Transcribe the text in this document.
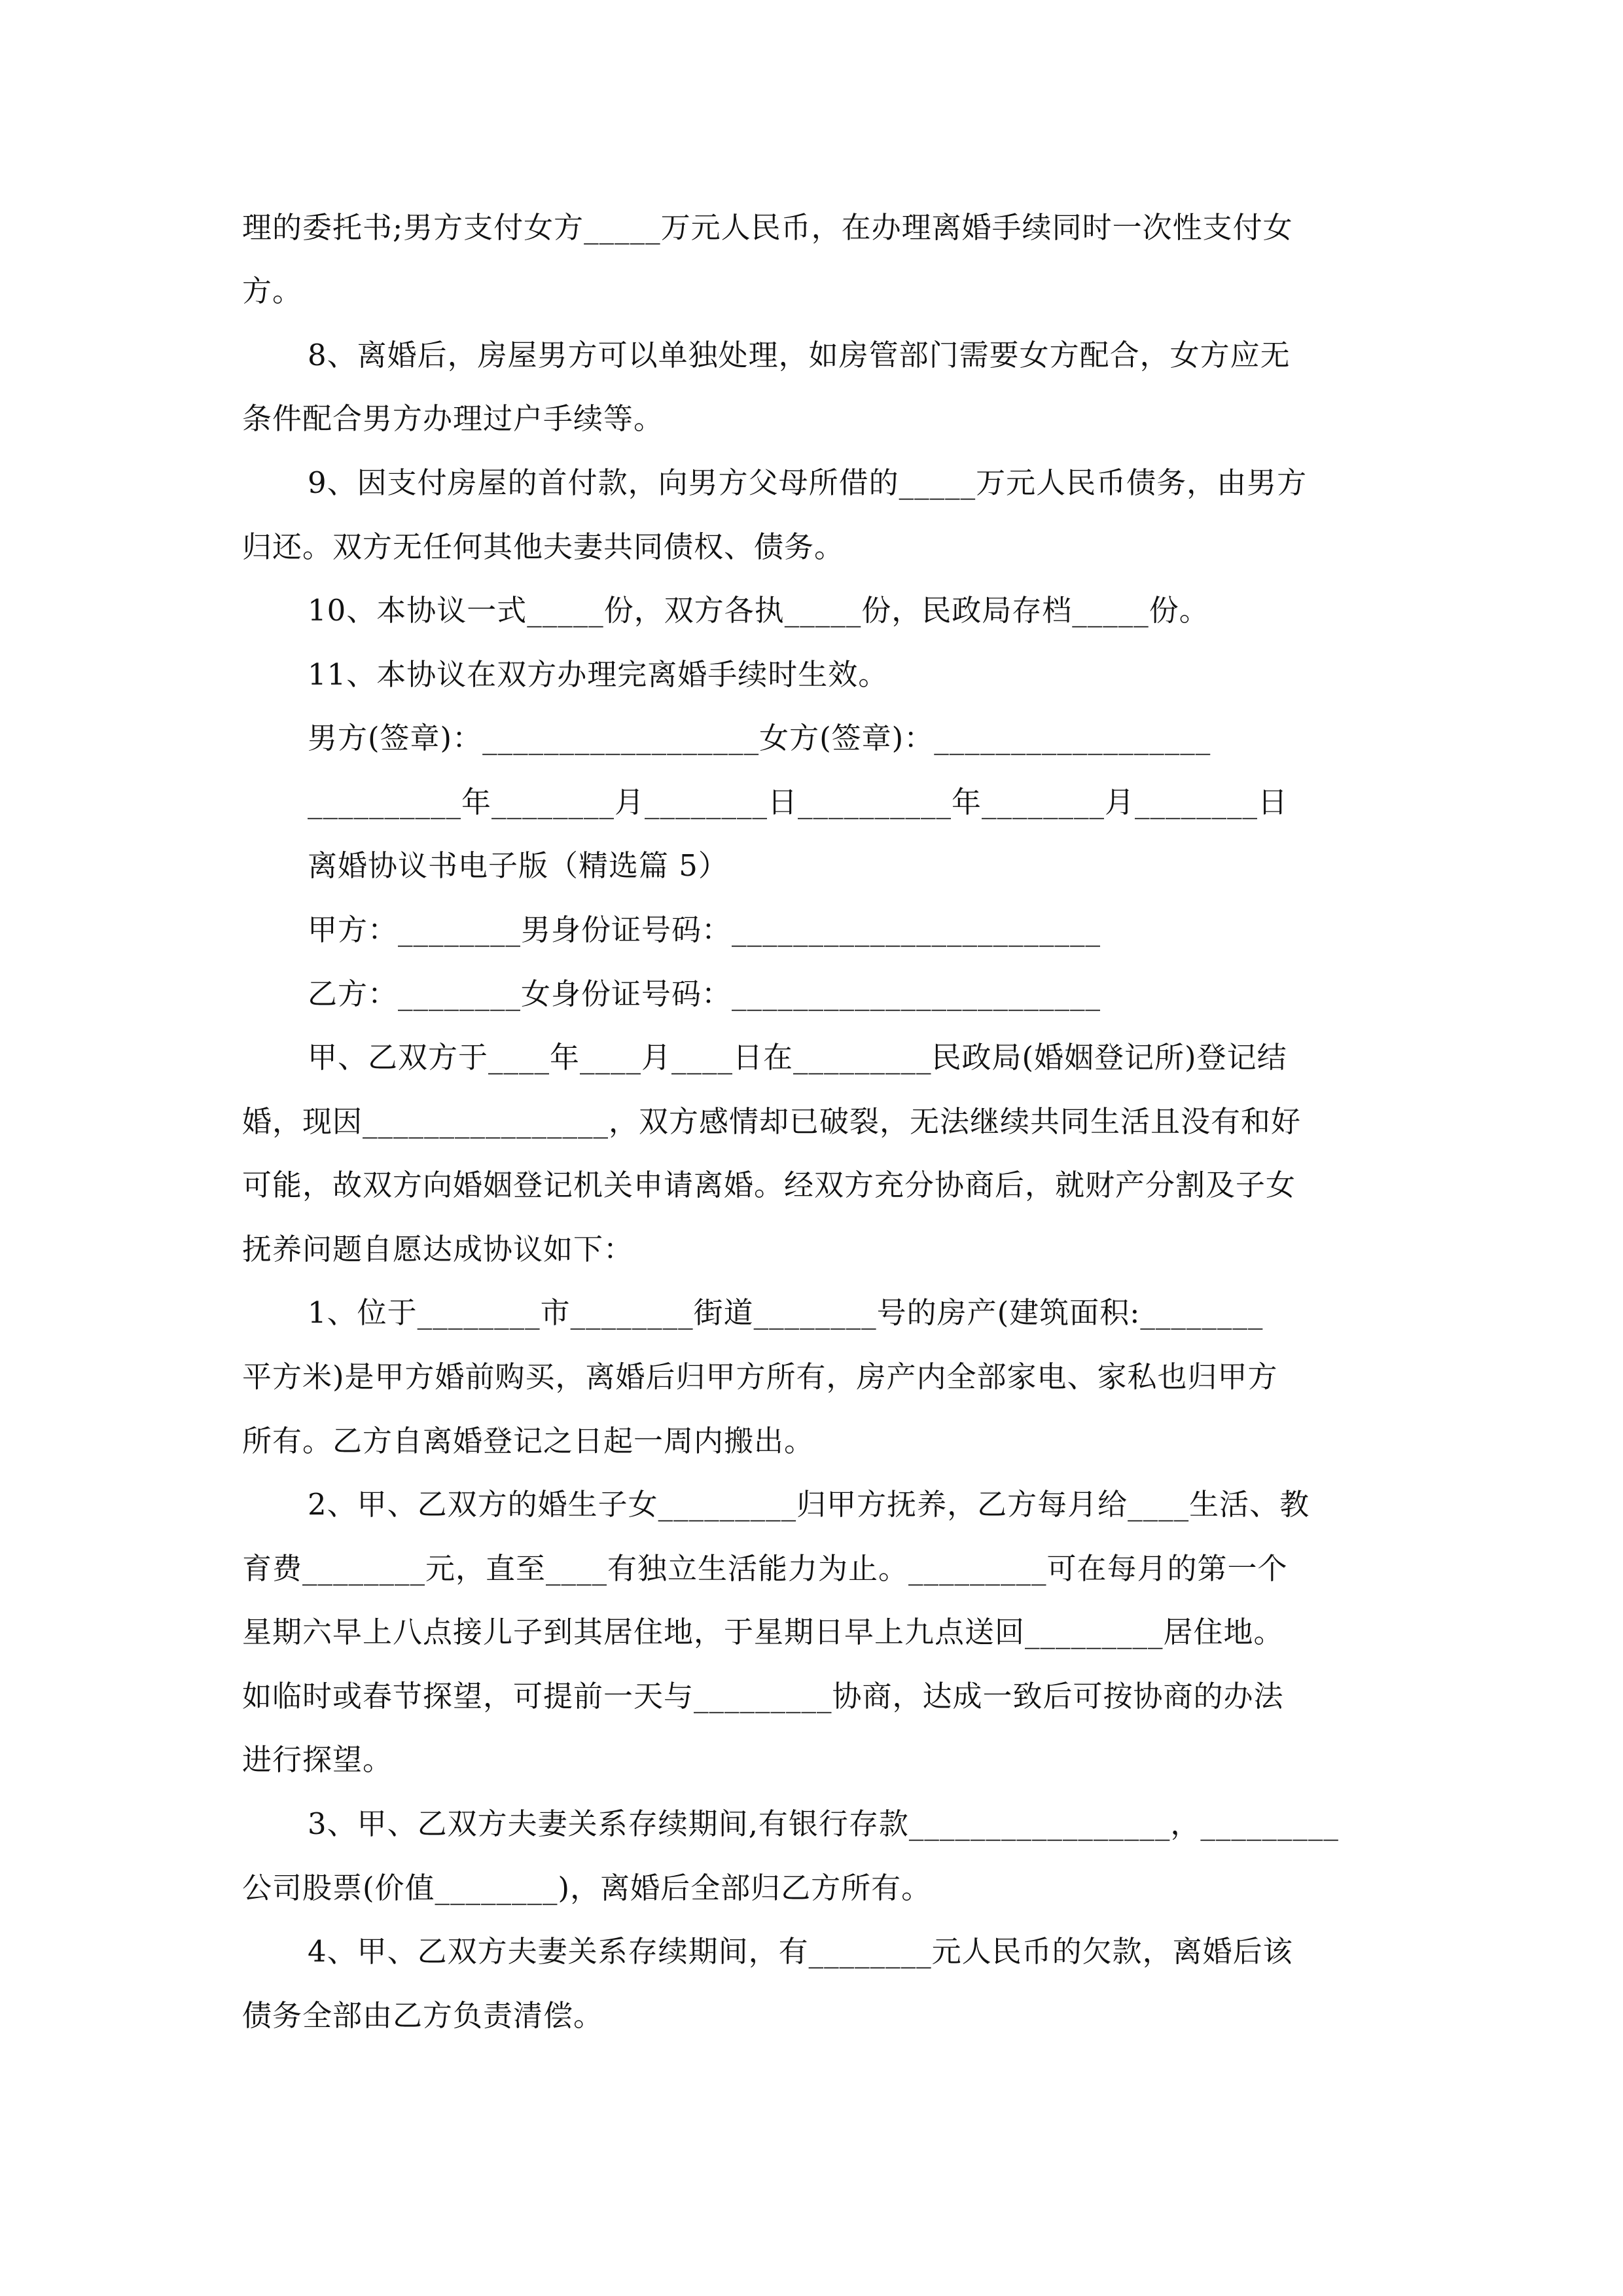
理的委托书;男方支付女方_____万元人民币，在办理离婚手续同时一次性支付女
方。
8、离婚后，房屋男方可以单独处理，如房管部门需要女方配合，女方应无
条件配合男方办理过户手续等。
9、因支付房屋的首付款，向男方父母所借的_____万元人民币债务，由男方
归还。双方无任何其他夫妻共同债权、债务。
10、本协议一式_____份，双方各执_____份，民政局存档_____份。
11、本协议在双方办理完离婚手续时生效。
男方(签章)：__________________女方(签章)：__________________
__________年________月________日__________年________月________日
离婚协议书电子版（精选篇 5）
甲方：________男身份证号码：________________________
乙方：________女身份证号码：________________________
甲、乙双方于____年____月____日在_________民政局(婚姻登记所)登记结
婚，现因________________，双方感情却已破裂，无法继续共同生活且没有和好
可能，故双方向婚姻登记机关申请离婚。经双方充分协商后，就财产分割及子女
抚养问题自愿达成协议如下：
1、位于________市________街道________号的房产(建筑面积:________
平方米)是甲方婚前购买，离婚后归甲方所有，房产内全部家电、家私也归甲方
所有。乙方自离婚登记之日起一周内搬出。
2、甲、乙双方的婚生子女_________归甲方抚养，乙方每月给____生活、教
育费________元，直至____有独立生活能力为止。_________可在每月的第一个
星期六早上八点接儿子到其居住地，于星期日早上九点送回_________居住地。
如临时或春节探望，可提前一天与_________协商，达成一致后可按协商的办法
进行探望。
3、甲、乙双方夫妻关系存续期间,有银行存款_________________，_________
公司股票(价值________)，离婚后全部归乙方所有。
4、甲、乙双方夫妻关系存续期间，有________元人民币的欠款，离婚后该
债务全部由乙方负责清偿。
